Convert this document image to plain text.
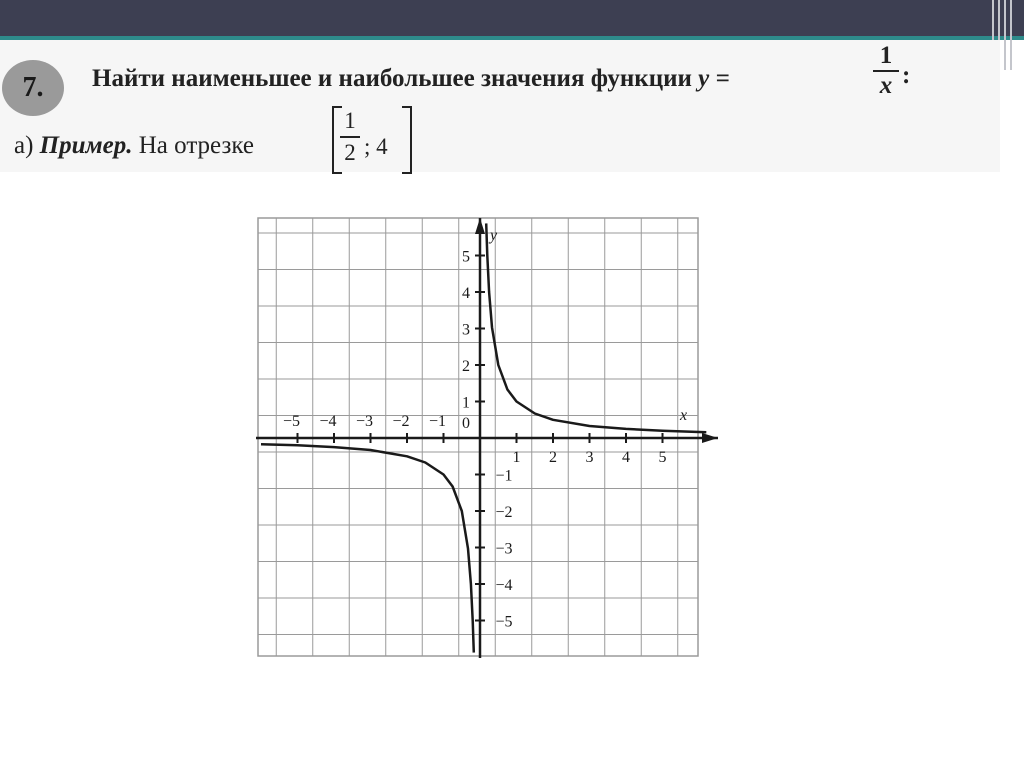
7.	Найти наименьшее и наибольшее значения функции y =	$\frac{1}{x}$ :
а) Пример. На отрезке	$\frac{1}{2}$ ; 4
−5 −4 −3 −2 −1
1 2 3 4 5
−5
−4
−3
−2
−1
1
2
3
4
5
0	x
y
